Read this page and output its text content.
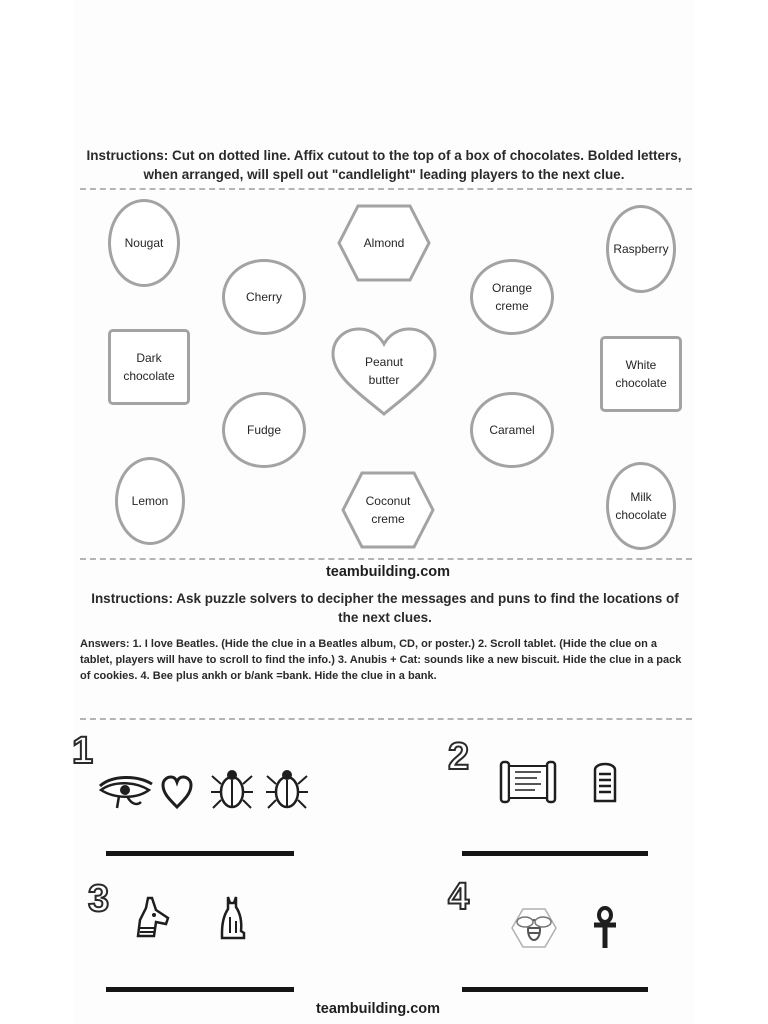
Instructions: Cut on dotted line. Affix cutout to the top of a box of chocolates. Bolded letters, when arranged, will spell out "candlelight" leading players to the next clue.
Nougat	Almond	Raspberry
Cherry
Orange
creme
Dark
chocolate
Peanut
butter
White
chocolate
Fudge	Caramel
Lemon	Coconut
creme
Milk
chocolate
teambuilding.com
Instructions: Ask puzzle solvers to decipher the messages and puns to find the locations of the next clues.
Answers: 1. I love Beatles. (Hide the clue in a Beatles album, CD, or poster.) 2. Scroll tablet. (Hide the clue on a tablet, players will have to scroll to find the info.) 3. Anubis + Cat: sounds like a new biscuit. Hide the clue in a pack of cookies. 4. Bee plus ankh or b/ank =bank. Hide the clue in a bank.
1	2
3	4
teambuilding.com
